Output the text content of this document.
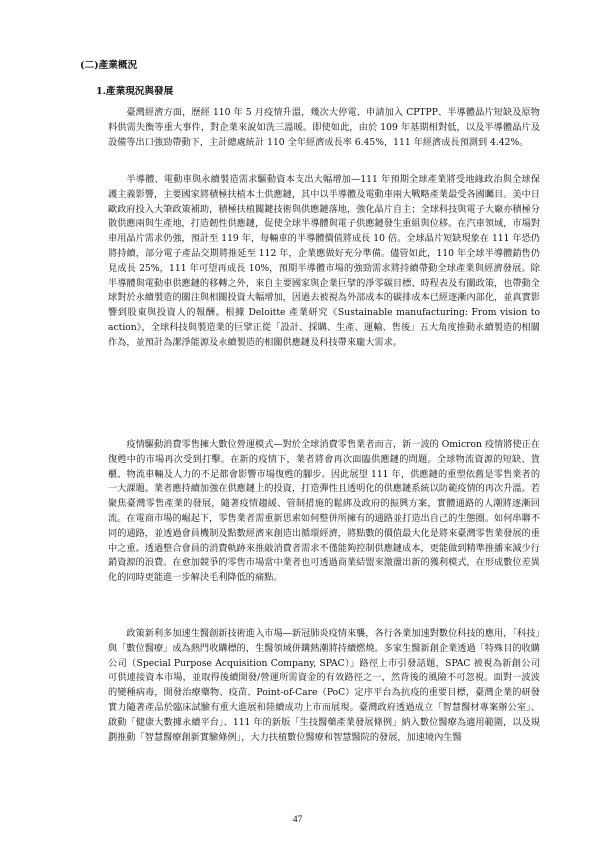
(二)產業概況
1.產業現況與發展

臺灣經濟方面，歷經 110 年 5 月疫情升溫，幾次大停電、申請加入 CPTPP、半導體晶片短缺及原物料供需失衡等重大事件，對企業來說如洗三溫暖。即使如此，由於 109 年基期相對低，以及半導體晶片及設備等出口強勁帶動下，主計總處統計 110 全年經濟成長率 6.45%，111 年經濟成長預測到 4.42%。

半導體、電動車與永續製造需求驅動資本支出大幅增加—111 年預期全球產業將受地緣政治與全球保護主義影響，主要國家將積極扶植本土供應鏈，其中以半導體及電動車兩大戰略產業最受各國矚目。美中日歐政府投入大筆政策補助，積極扶植關鍵技術與供應鏈落地，強化晶片自主；全球科技與電子大廠亦積極分散供應兩與生產地，打造韌性供應鏈，促使全球半導體與電子供應鏈發生重組與位移。在汽車領域，市場對車用晶片需求仍強，預計至 119 年，每輛車的半導體價值將成長 10 倍。全球晶片短缺現象在 111 年恐仍將持續，部分電子產品交期將推延至 112 年，企業應做好充分準備。儘管如此，110 年全球半導體銷售仍見成長 25%，111 年可望再成長 10%，預期半導體市場的強勁需求將持續帶動全球產業與經濟發展。除半導體與電動車供應鏈的移轉之外，來自主要國家與企業巨擘的淨零碳目標、時程表及有關政策，也帶動全球對於永續製造的關注與相關投資大幅增加，因過去被視為外部成本的碳排成本已經逐漸內部化，並真實影響到股東與投資人的報酬。根據 Deloitte 產業研究《Sustainable manufacturing: From vision to action》，全球科技與製造業的巨擘正從「設計、採購、生產、運輸、售後」五大角度推動永續製造的相關作為，並預計為潔淨能源及永續製造的相關供應鏈及科技帶來龐大需求。

疫情驅動消費零售擁大數位營運模式—對於全球消費零售業者而言，新一波的 Omicron 疫情將使正在復甦中的市場再次受到打擊。在新的疫情下，業者將會再次面臨供應鏈的問題。全球物流資源的短缺、貨櫃、物流車輛及人力的不足都會影響市場復甦的腳步。因此展望 111 年，供應鏈的重塑依舊是零售業者的一大課題。業者應持續加強在供應鏈上的投資，打造彈性且透明化的供應鏈系統以防範疫情的再次升溫。若聚焦臺灣零售產業的發展，隨著疫情趨緩、管制措施的鬆綁及政府的振興方案，實體通路的人潮將逐漸回流。在電商市場的崛起下，零售業者需重新思索如何整併所擁有的通路並打造出自己的生態圈。如何串聯不同的通路，並透過會員機制及點數經濟來創造出循環經濟，將點數的價值最大化是將來臺灣零售業發展的重中之重。透過整合會員的消費軌跡來推敲消費者需求不僅能夠控制供應鏈成本，更能做到精準推播來減少行銷資源的浪費。在愈加競爭的零售市場當中業者也可透過商業結盟來激盪出新的獲利模式，在形成數位差異化的同時更能進一步解決毛利降低的痛點。

政策新利多加速生醫創新技術進入市場—新冠肺炎疫情來襲，各行各業加速對數位科技的應用，「科技」與「數位醫療」成為熱門收購標的，生醫領域併購熱潮將持續燃燒。多家生醫新創企業透過「特殊目的收購公司（Special Purpose Acquisition Company, SPAC）」路徑上市引發話題，SPAC 被視為新創公司可供連接資本市場，並取得後續開發/營運所需資金的有效路徑之一，然背後的風險不可忽視。面對一波波的變種病毒，開發治療藥物、疫苗、Point-of-Care（PoC）定序平台為抗疫的重要目標，臺灣企業的研發實力隨著產品於臨床試驗有重大進展和陸續成功上市而展現。臺灣政府透過成立「智慧醫材專案辦公室」、啟動「健康大數據永續平台」、111 年的新版「生技醫藥產業發展條例」納入數位醫療為適用範圍，以及規劃推動「智慧醫療創新實驗條例」，大力扶植數位醫療和智慧醫院的發展，加速境內生醫

47
